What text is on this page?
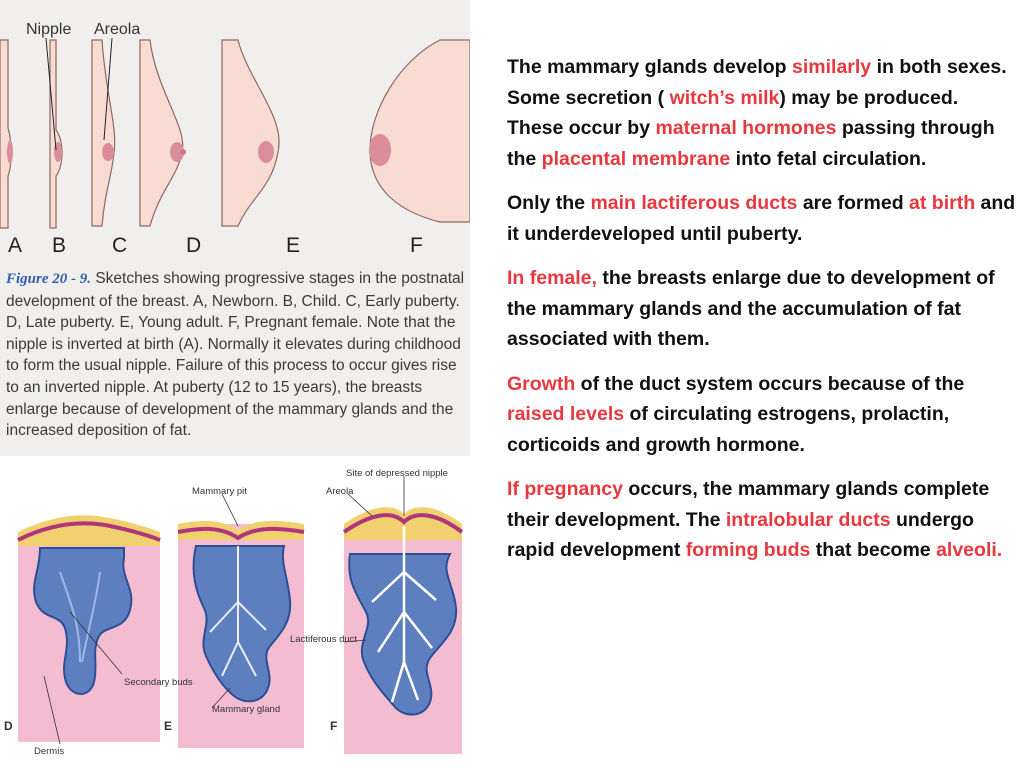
Nipple Areola
A B C	D	E	F
Figure 20 - 9. Sketches showing progressive stages in the postnatal development of the breast. A, Newborn. B, Child. C, Early puberty. D, Late puberty. E, Young adult. F, Pregnant female. Note that the nipple is inverted at birth (A). Normally it elevates during childhood to form the usual nipple. Failure of this process to occur gives rise to an inverted nipple. At puberty (12 to 15 years), the breasts enlarge because of development of the mammary glands and the increased deposition of fat.
Mammary pit
Site of depressed nipple
Areola
Lactiferous duct
Secondary buds
Mammary gland
Dermis
D	E	F

The mammary glands develop similarly in both sexes. Some secretion ( witch’s milk) may be produced. These occur by maternal hormones passing through the placental membrane into fetal circulation.

Only the main lactiferous ducts are formed at birth and it underdeveloped until puberty.

In female, the breasts enlarge due to development of the mammary glands and the accumulation of fat associated with them.

Growth of the duct system occurs because of the raised levels of circulating estrogens, prolactin, corticoids and growth hormone.

If pregnancy occurs, the mammary glands complete their development. The intralobular ducts undergo rapid development forming buds that become alveoli.
